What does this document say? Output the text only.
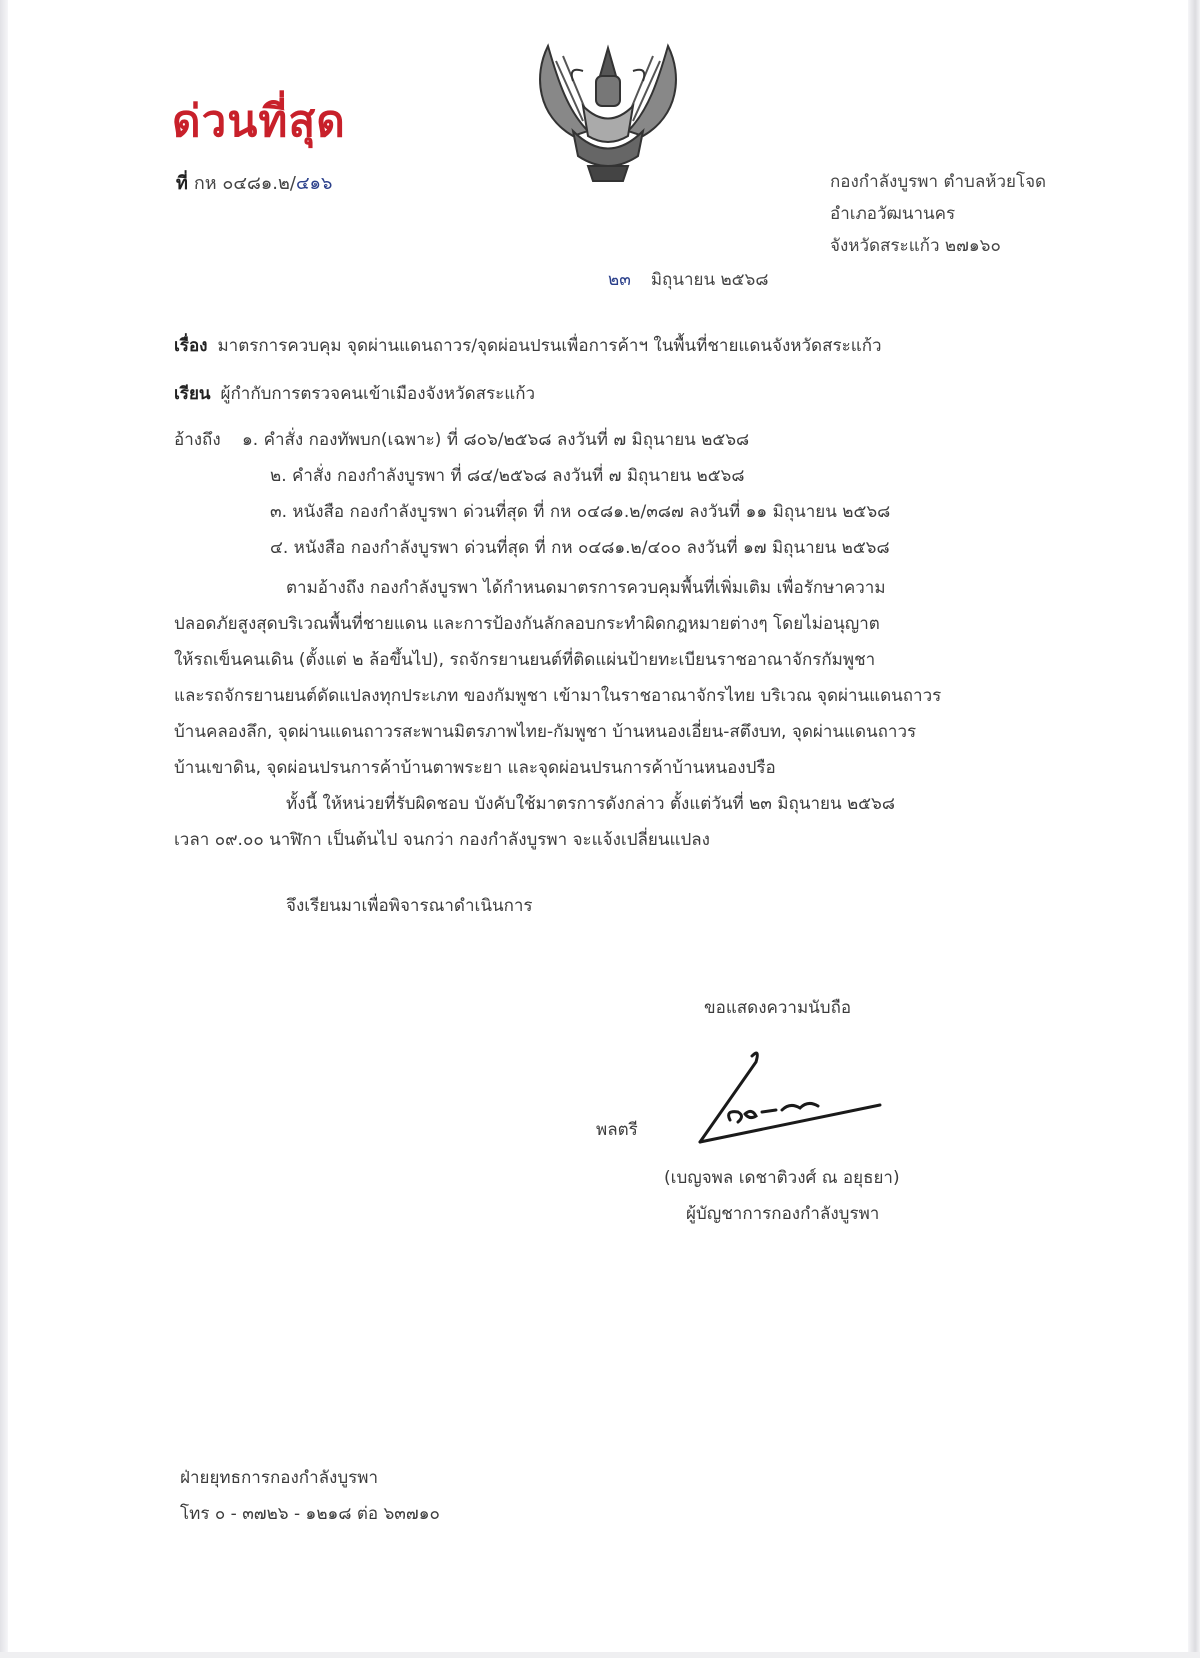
ด่วนที่สุด
ที่ กห ๐๔๘๑.๒/๔๑๖	กองกำลังบูรพา ตำบลห้วยโจด
อำเภอวัฒนานคร
จังหวัดสระแก้ว ๒๗๑๖๐
๒๓ มิถุนายน ๒๕๖๘
เรื่อง มาตรการควบคุม จุดผ่านแดนถาวร/จุดผ่อนปรนเพื่อการค้าฯ ในพื้นที่ชายแดนจังหวัดสระแก้ว
เรียน ผู้กำกับการตรวจคนเข้าเมืองจังหวัดสระแก้ว
อ้างถึง ๑. คำสั่ง กองทัพบก(เฉพาะ) ที่ ๘๐๖/๒๕๖๘ ลงวันที่ ๗ มิถุนายน ๒๕๖๘
๒. คำสั่ง กองกำลังบูรพา ที่ ๘๔/๒๕๖๘ ลงวันที่ ๗ มิถุนายน ๒๕๖๘
๓. หนังสือ กองกำลังบูรพา ด่วนที่สุด ที่ กห ๐๔๘๑.๒/๓๘๗ ลงวันที่ ๑๑ มิถุนายน ๒๕๖๘
๔. หนังสือ กองกำลังบูรพา ด่วนที่สุด ที่ กห ๐๔๘๑.๒/๔๐๐ ลงวันที่ ๑๗ มิถุนายน ๒๕๖๘
ตามอ้างถึง กองกำลังบูรพา ได้กำหนดมาตรการควบคุมพื้นที่เพิ่มเติม เพื่อรักษาความ
ปลอดภัยสูงสุดบริเวณพื้นที่ชายแดน และการป้องกันลักลอบกระทำผิดกฎหมายต่างๆ โดยไม่อนุญาต
ให้รถเข็นคนเดิน (ตั้งแต่ ๒ ล้อขึ้นไป), รถจักรยานยนต์ที่ติดแผ่นป้ายทะเบียนราชอาณาจักรกัมพูชา
และรถจักรยานยนต์ดัดแปลงทุกประเภท ของกัมพูชา เข้ามาในราชอาณาจักรไทย บริเวณ จุดผ่านแดนถาวร
บ้านคลองลึก, จุดผ่านแดนถาวรสะพานมิตรภาพไทย-กัมพูชา บ้านหนองเอี่ยน-สตึงบท, จุดผ่านแดนถาวร
บ้านเขาดิน, จุดผ่อนปรนการค้าบ้านตาพระยา และจุดผ่อนปรนการค้าบ้านหนองปรือ
ทั้งนี้ ให้หน่วยที่รับผิดชอบ บังคับใช้มาตรการดังกล่าว ตั้งแต่วันที่ ๒๓ มิถุนายน ๒๕๖๘
เวลา ๐๙.๐๐ นาฬิกา เป็นต้นไป จนกว่า กองกำลังบูรพา จะแจ้งเปลี่ยนแปลง
จึงเรียนมาเพื่อพิจารณาดำเนินการ
ขอแสดงความนับถือ
พลตรี
(เบญจพล เดชาติวงศ์ ณ อยุธยา)
ผู้บัญชาการกองกำลังบูรพา
ฝ่ายยุทธการกองกำลังบูรพา
โทร ๐ - ๓๗๒๖ - ๑๒๑๘ ต่อ ๖๓๗๑๐
